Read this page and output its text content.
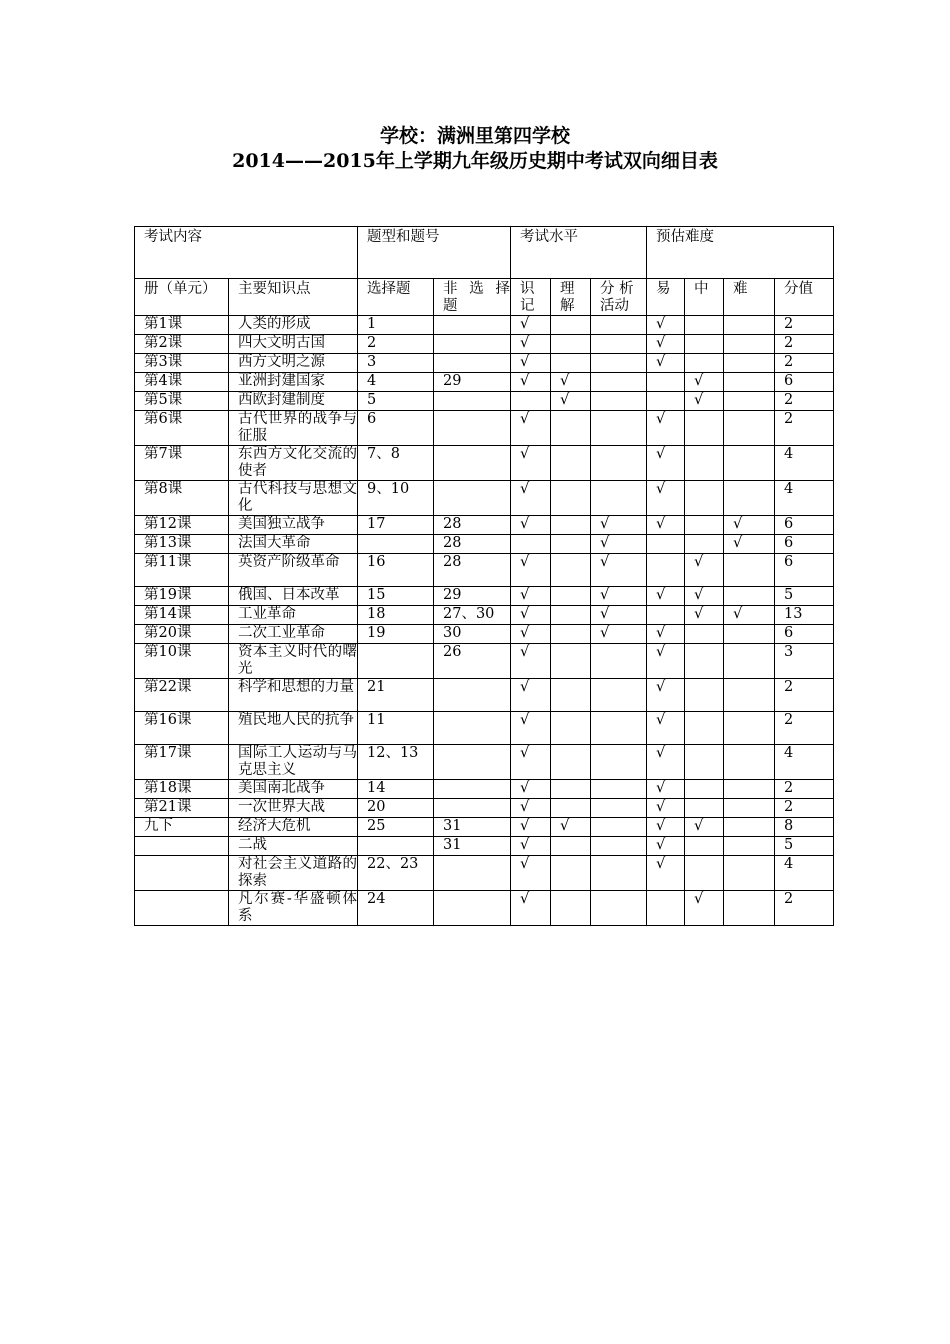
学校：满洲里第四学校
2014——2015年上学期九年级历史期中考试双向细目表
考试内容		题型和题号		考试水平			预估难度			
册（单元）	主要知识点	选择题	非 选 择 题	识 记	理 解	分 析 活动	易	中	难	分值
第1课	人类的形成	1		√			√			2
第2课	四大文明古国	2		√			√			2
第3课	西方文明之源	3		√			√			2
第4课	亚洲封建国家	4	29	√	√			√		6
第5课	西欧封建制度	5			√			√		2
第6课	古代世界的战争与征服	6		√			√			2
第7课	东西方文化交流的使者	7、8		√			√			4
第8课	古代科技与思想文化	9、10		√			√			4
第12课	美国独立战争	17	28	√		√	√		√	6
第13课	法国大革命		28			√			√	6
第11课	英资产阶级革命	16	28	√		√		√		6
第19课	俄国、日本改革	15	29	√		√	√	√		5
第14课	工业革命	18	27、30	√		√		√	√	13
第20课	二次工业革命	19	30	√		√	√			6
第10课	资本主义时代的曙光		26	√			√			3
第22课	科学和思想的力量	21		√			√			2
第16课	殖民地人民的抗争	11		√			√			2
第17课	国际工人运动与马克思主义	12、13		√			√			4
第18课	美国南北战争	14		√			√			2
第21课	一次世界大战	20		√			√			2
九下	经济大危机	25	31	√	√		√	√		8
	二战		31	√			√			5
	对社会主义道路的探索	22、23		√			√			4
	凡尔赛-华盛顿体系	24		√				√		2
